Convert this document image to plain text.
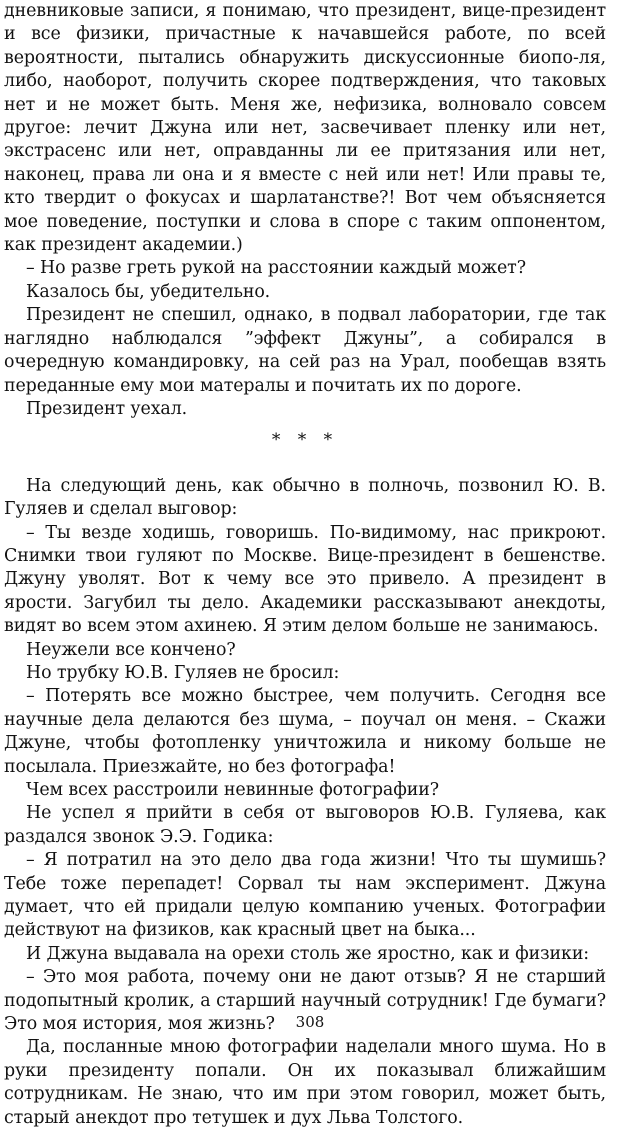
дневниковые записи, я понимаю, что президент, вице-президент и все физики, причастные к начавшейся работе, по всей вероятности, пытались обнаружить дискуссионные биопо-ля, либо, наоборот, получить скорее подтверждения, что таковых нет и не может быть. Меня же, нефизика, волновало совсем другое: лечит Джуна или нет, засвечивает пленку или нет, экстрасенс или нет, оправданны ли ее притязания или нет, наконец, права ли она и я вместе с ней или нет! Или правы те, кто твердит о фокусах и шарлатанстве?! Вот чем объясняется мое поведение, поступки и слова в споре с таким оппонентом, как президент академии.)

– Но разве греть рукой на расстоянии каждый может?

Казалось бы, убедительно.

Президент не спешил, однако, в подвал лаборатории, где так наглядно наблюдался ”эффект Джуны”, а собирался в очередную командировку, на сей раз на Урал, пообещав взять переданные ему мои матералы и почитать их по дороге.

Президент уехал.

* * *

На следующий день, как обычно в полночь, позвонил Ю. В. Гуляев и сделал выговор:

– Ты везде ходишь, говоришь. По-видимому, нас прикроют. Снимки твои гуляют по Москве. Вице-президент в бешенстве. Джуну уволят. Вот к чему все это привело. А президент в ярости. Загубил ты дело. Академики рассказывают анекдоты, видят во всем этом ахинею. Я этим делом больше не занимаюсь.

Неужели все кончено?

Но трубку Ю.В. Гуляев не бросил:

– Потерять все можно быстрее, чем получить. Сегодня все научные дела делаются без шума, – поучал он меня. – Скажи Джуне, чтобы фотопленку уничтожила и никому больше не посылала. Приезжайте, но без фотографа!

Чем всех расстроили невинные фотографии?

Не успел я прийти в себя от выговоров Ю.В. Гуляева, как раздался звонок Э.Э. Годика:

– Я потратил на это дело два года жизни! Что ты шумишь? Тебе тоже перепадет! Сорвал ты нам эксперимент. Джуна думает, что ей придали целую компанию ученых. Фотографии действуют на физиков, как красный цвет на быка...

И Джуна выдавала на орехи столь же яростно, как и физики:

– Это моя работа, почему они не дают отзыв? Я не старший подопытный кролик, а старший научный сотрудник! Где бумаги? Это моя история, моя жизнь?

Да, посланные мною фотографии наделали много шума. Но в руки президенту попали. Он их показывал ближайшим сотрудникам. Не знаю, что им при этом говорил, может быть, старый анекдот про тетушек и дух Льва Толстого.

308
